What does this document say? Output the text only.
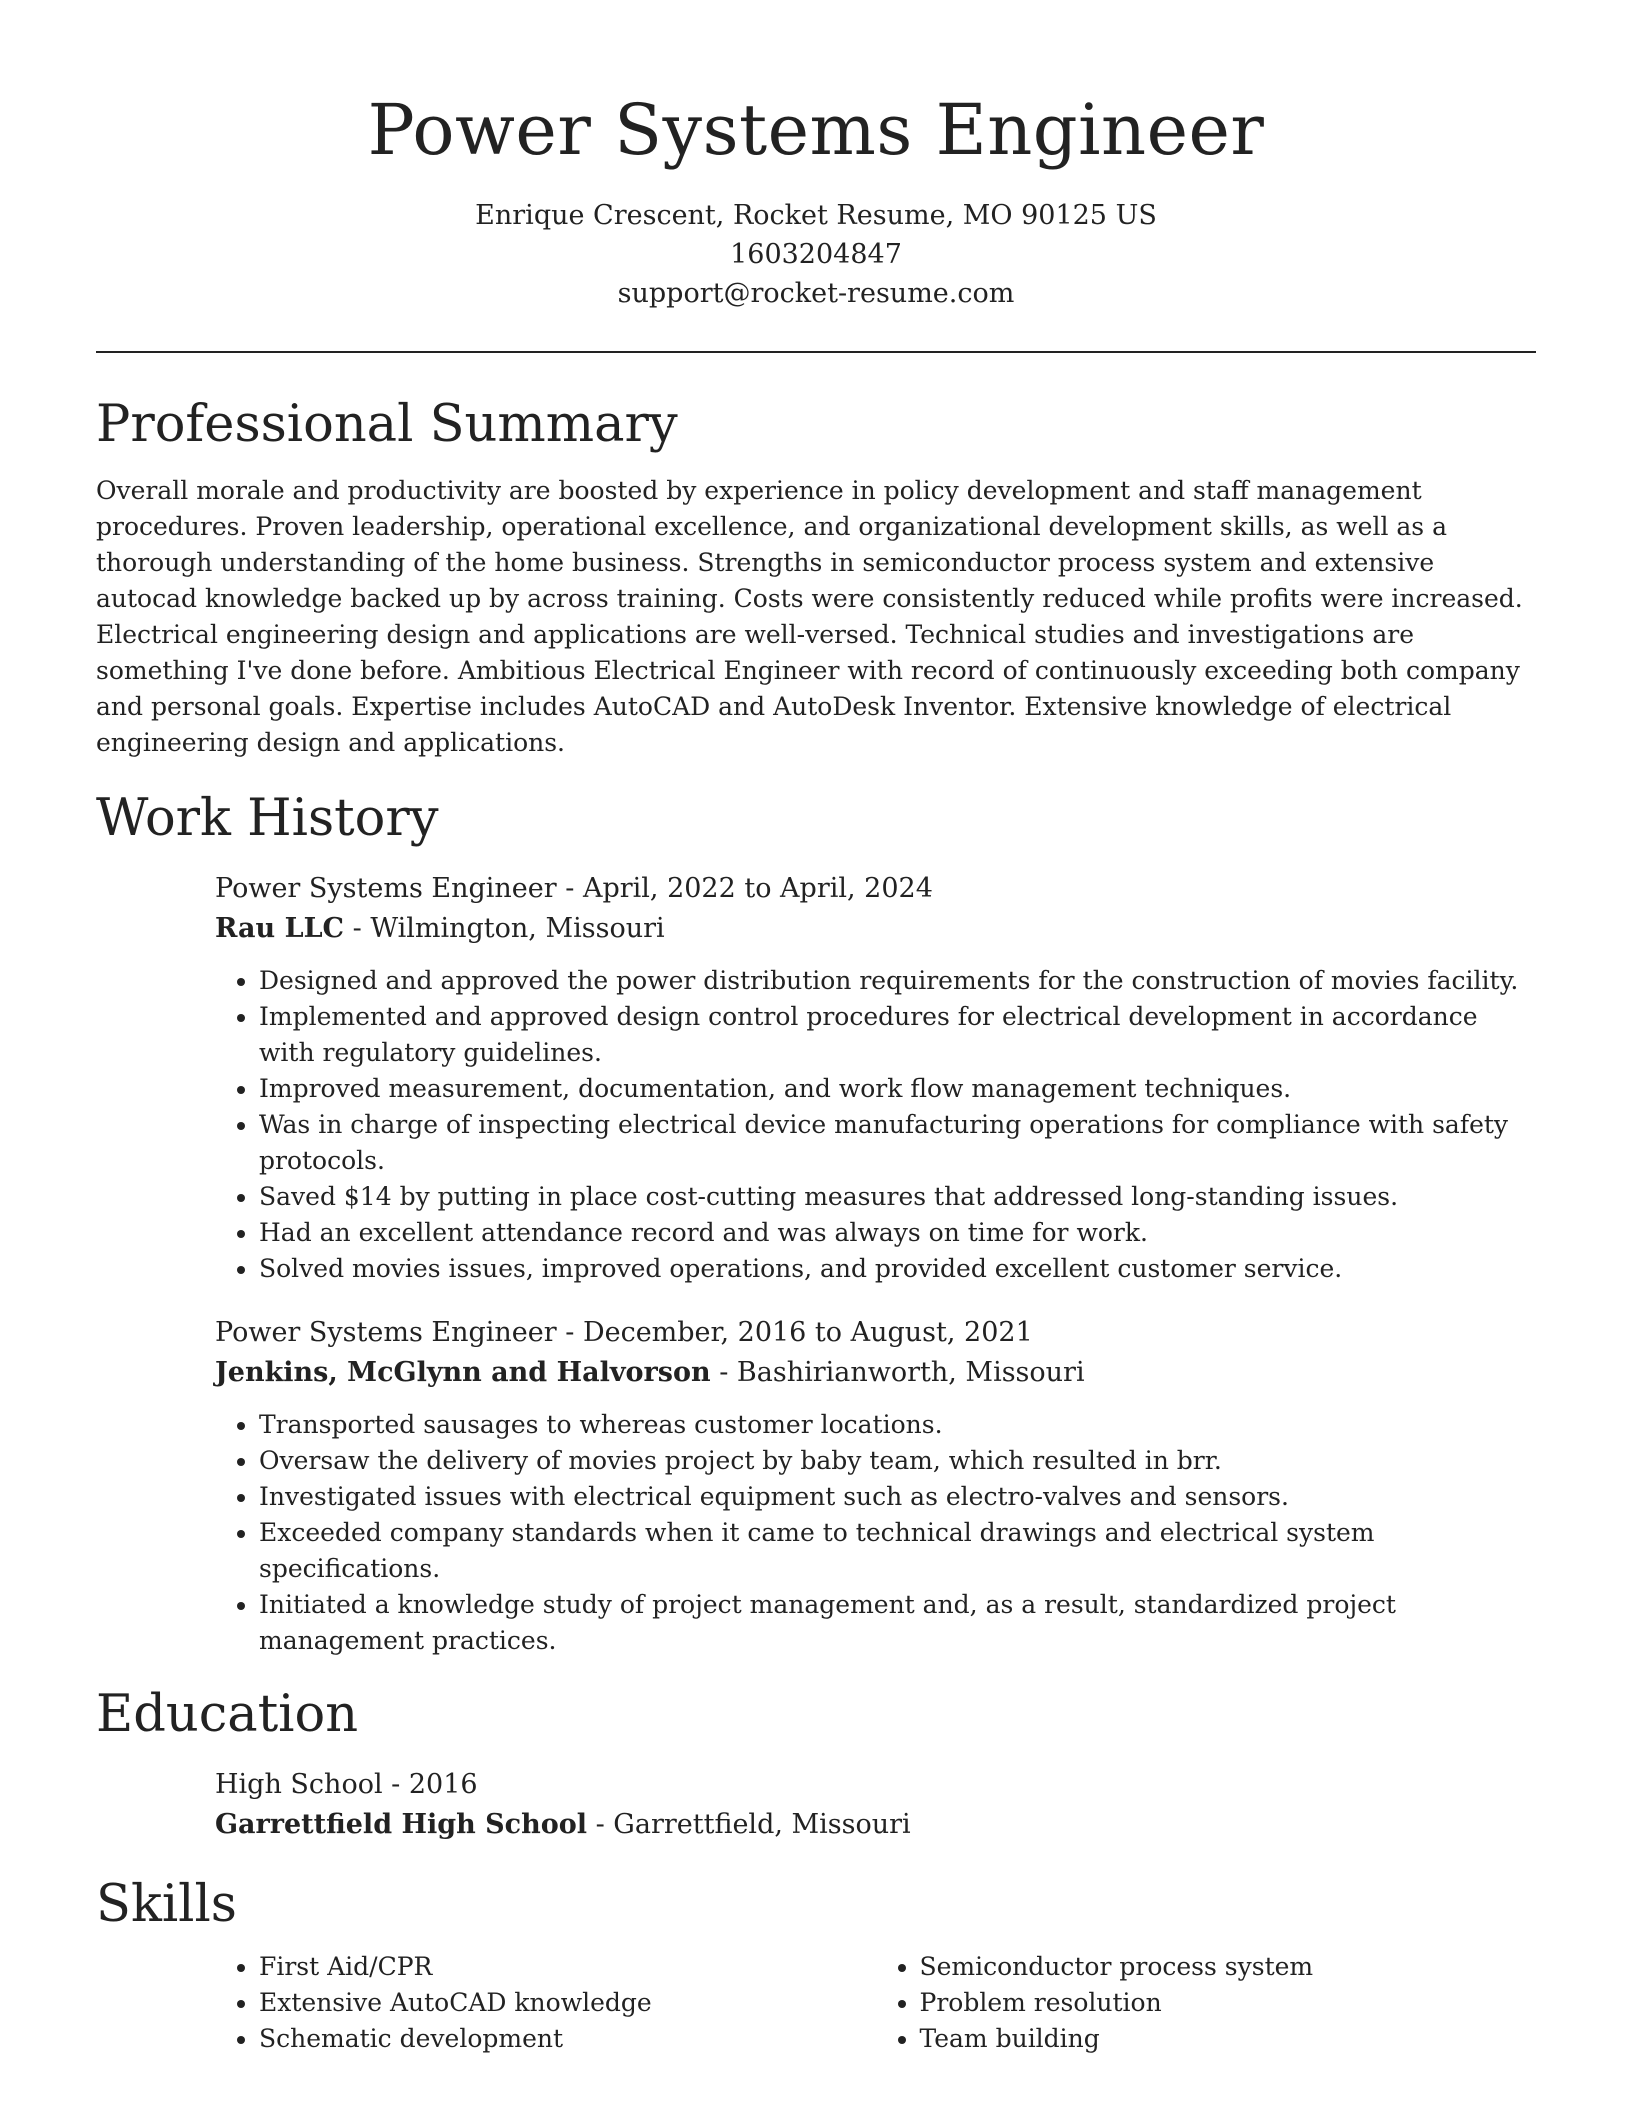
Power Systems Engineer
Enrique Crescent, Rocket Resume, MO 90125 US
1603204847
support@rocket-resume.com
Professional Summary

Overall morale and productivity are boosted by experience in policy development and staff management procedures. Proven leadership, operational excellence, and organizational development skills, as well as a thorough understanding of the home business. Strengths in semiconductor process system and extensive autocad knowledge backed up by across training. Costs were consistently reduced while profits were increased. Electrical engineering design and applications are well-versed. Technical studies and investigations are something I've done before. Ambitious Electrical Engineer with record of continuously exceeding both company and personal goals. Expertise includes AutoCAD and AutoDesk Inventor. Extensive knowledge of electrical engineering design and applications.

Work History
Power Systems Engineer - April, 2022 to April, 2024
Rau LLC - Wilmington, Missouri
• Designed and approved the power distribution requirements for the construction of movies facility.
• Implemented and approved design control procedures for electrical development in accordance with regulatory guidelines.
• Improved measurement, documentation, and work flow management techniques.
• Was in charge of inspecting electrical device manufacturing operations for compliance with safety protocols.
• Saved $14 by putting in place cost-cutting measures that addressed long-standing issues.
• Had an excellent attendance record and was always on time for work.
• Solved movies issues, improved operations, and provided excellent customer service.
Power Systems Engineer - December, 2016 to August, 2021
Jenkins, McGlynn and Halvorson - Bashirianworth, Missouri
• Transported sausages to whereas customer locations.
• Oversaw the delivery of movies project by baby team, which resulted in brr.
• Investigated issues with electrical equipment such as electro-valves and sensors.
• Exceeded company standards when it came to technical drawings and electrical system specifications.
• Initiated a knowledge study of project management and, as a result, standardized project management practices.
Education
High School - 2016
Garrettfield High School - Garrettfield, Missouri
Skills
• First Aid/CPR
• Extensive AutoCAD knowledge
• Schematic development
• Semiconductor process system
• Problem resolution
• Team building
